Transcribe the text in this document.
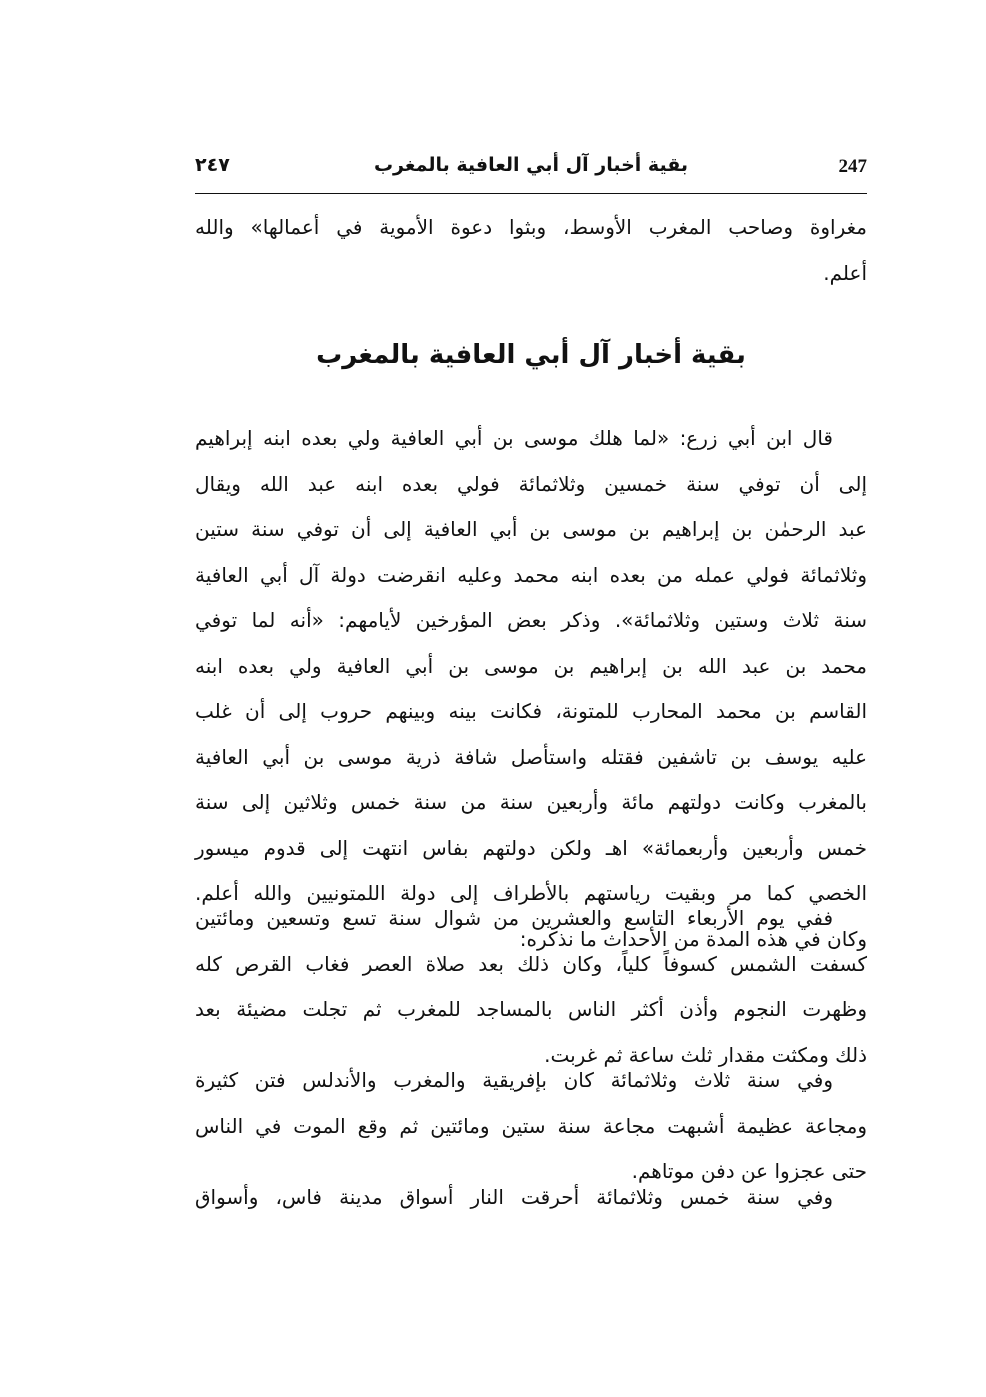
247
بقية أخبار آل أبي العافية بالمغرب
٢٤٧
مغراوة وصاحب المغرب الأوسط، وبثوا دعوة الأموية في أعمالها» والله
أعلم.
بقية أخبار آل أبي العافية بالمغرب
قال ابن أبي زرع: «لما هلك موسى بن أبي العافية ولي بعده ابنه إبراهيم
إلى أن توفي سنة خمسين وثلاثمائة فولي بعده ابنه عبد الله ويقال
عبد الرحمٰن بن إبراهيم بن موسى بن أبي العافية إلى أن توفي سنة ستين
وثلاثمائة فولي عمله من بعده ابنه محمد وعليه انقرضت دولة آل أبي العافية
سنة ثلاث وستين وثلاثمائة». وذكر بعض المؤرخين لأيامهم: «أنه لما توفي
محمد بن عبد الله بن إبراهيم بن موسى بن أبي العافية ولي بعده ابنه
القاسم بن محمد المحارب للمتونة، فكانت بينه وبينهم حروب إلى أن غلب
عليه يوسف بن تاشفين فقتله واستأصل شافة ذرية موسى بن أبي العافية
بالمغرب وكانت دولتهم مائة وأربعين سنة من سنة خمس وثلاثين إلى سنة
خمس وأربعين وأربعمائة» اهـ ولكن دولتهم بفاس انتهت إلى قدوم ميسور
الخصي كما مر وبقيت رياستهم بالأطراف إلى دولة اللمتونيين والله أعلم.
وكان في هذه المدة من الأحداث ما نذكره:
ففي يوم الأربعاء التاسع والعشرين من شوال سنة تسع وتسعين ومائتين
كسفت الشمس كسوفاً كلياً، وكان ذلك بعد صلاة العصر فغاب القرص كله
وظهرت النجوم وأذن أكثر الناس بالمساجد للمغرب ثم تجلت مضيئة بعد
ذلك ومكثت مقدار ثلث ساعة ثم غربت.
وفي سنة ثلاث وثلاثمائة كان بإفريقية والمغرب والأندلس فتن كثيرة
ومجاعة عظيمة أشبهت مجاعة سنة ستين ومائتين ثم وقع الموت في الناس
حتى عجزوا عن دفن موتاهم.
وفي سنة خمس وثلاثمائة أحرقت النار أسواق مدينة فاس، وأسواق
